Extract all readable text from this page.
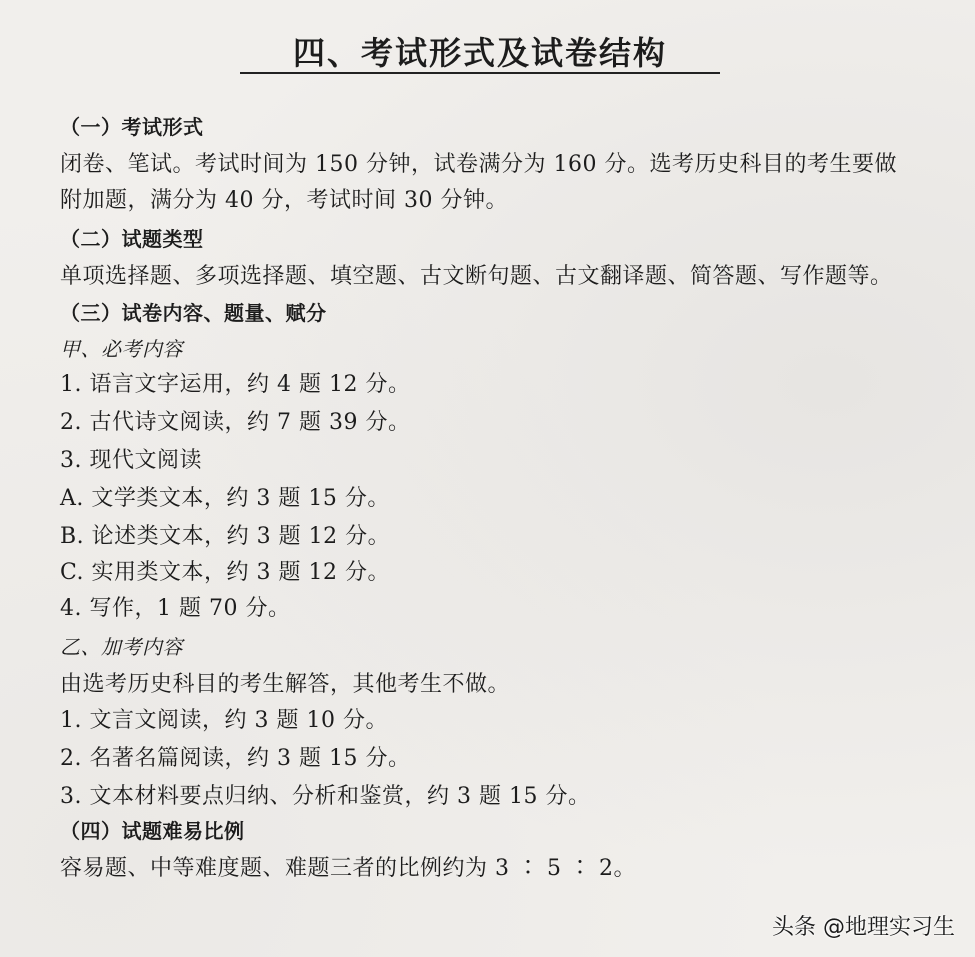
四、考试形式及试卷结构
（一）考试形式
闭卷、笔试。考试时间为 150 分钟，试卷满分为 160 分。选考历史科目的考生要做
附加题，满分为 40 分，考试时间 30 分钟。
（二）试题类型
单项选择题、多项选择题、填空题、古文断句题、古文翻译题、简答题、写作题等。
（三）试卷内容、题量、赋分
甲、必考内容
1. 语言文字运用，约 4 题 12 分。
2. 古代诗文阅读，约 7 题 39 分。
3. 现代文阅读
A. 文学类文本，约 3 题 15 分。
B. 论述类文本，约 3 题 12 分。
C. 实用类文本，约 3 题 12 分。
4. 写作，1 题 70 分。
乙、加考内容
由选考历史科目的考生解答，其他考生不做。
1. 文言文阅读，约 3 题 10 分。
2. 名著名篇阅读，约 3 题 15 分。
3. 文本材料要点归纳、分析和鉴赏，约 3 题 15 分。
（四）试题难易比例
容易题、中等难度题、难题三者的比例约为 3 ∶ 5 ∶ 2。
头条 @地理实习生
